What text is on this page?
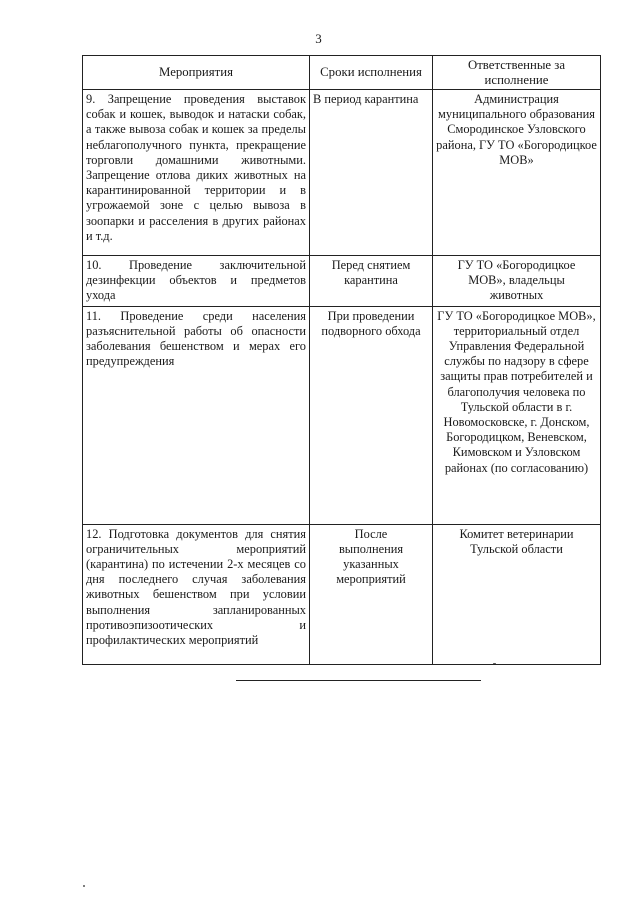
3
Мероприятия	Сроки исполнения	Ответственные за исполнение
9. Запрещение проведения выставок собак и кошек, выводок и натаски собак, а также вывоза собак и кошек за пределы неблагополучного пункта, прекращение торговли домашними животными. Запрещение отлова диких животных на карантинированной территории и в угрожаемой зоне с целью вывоза в зоопарки и расселения в других районах и т.д.	В период карантина	Администрация муниципального образования Смородинское Узловского района, ГУ ТО «Богородицкое МОВ»
10. Проведение заключительной дезинфекции объектов и предметов ухода	Перед снятием карантина	ГУ ТО «Богородицкое МОВ», владельцы животных
11. Проведение среди населения разъяснительной работы об опасности заболевания бешенством и мерах его предупреждения	При проведении подворного обхода	ГУ ТО «Богородицкое МОВ», территориальный отдел Управления Федеральной службы по надзору в сфере защиты прав потребителей и благополучия человека по Тульской области в г. Новомосковске, г. Донском, Богородицком, Веневском, Кимовском и Узловском районах (по согласованию)
12. Подготовка документов для снятия ограничительных мероприятий (карантина) по истечении 2-х месяцев со дня последнего случая заболевания животных бешенством при условии выполнения запланированных противоэпизоотических и профилактических мероприятий	После выполнения указанных мероприятий	Комитет ветеринарии Тульской области
